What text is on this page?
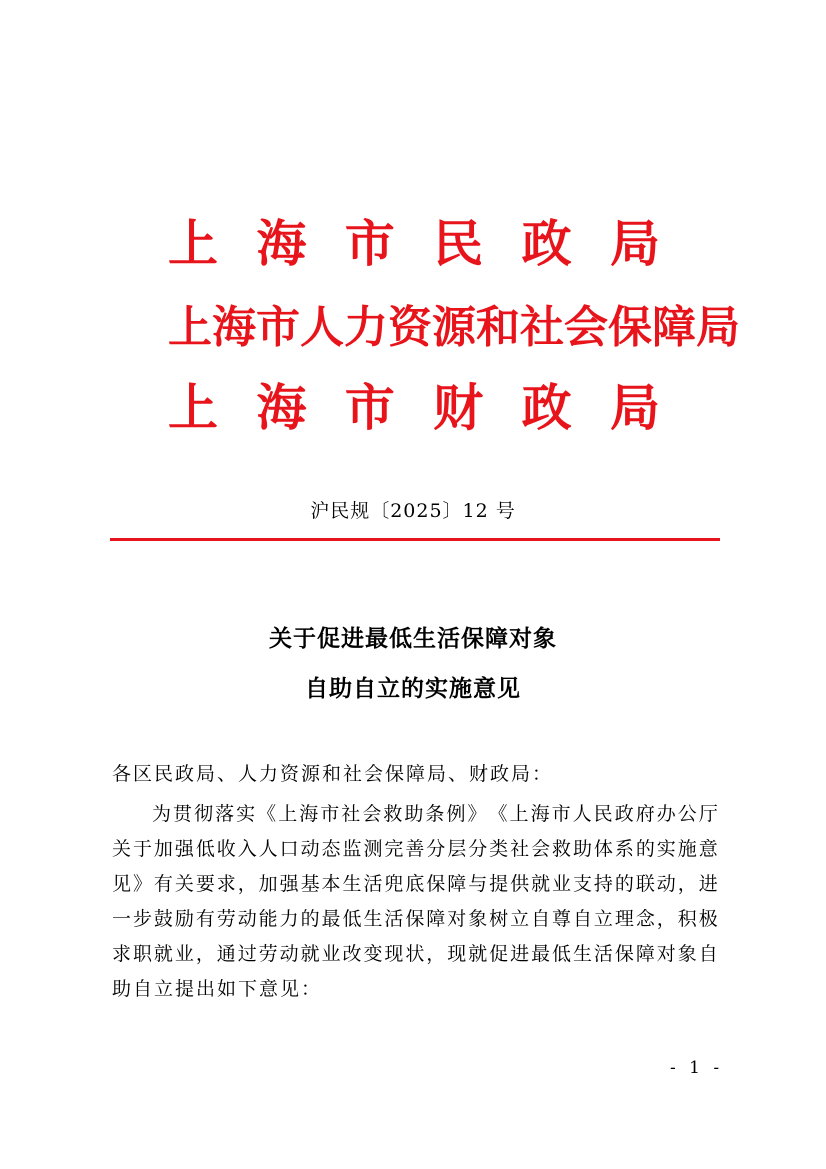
上 海 市 民 政 局
上 海 市 人 力 资 源 和 社 会 保 障 局
上 海 市 财 政 局
沪民规〔2025〕12 号
关于促进最低生活保障对象
自助自立的实施意见
各区民政局、人力资源和社会保障局、财政局：
为 贯 彻 落 实 《 上 海 市 社 会 救 助 条 例 》 《 上 海 市 人 民 政 府 办 公 厅
关 于 加 强 低 收 入 人 口 动 态 监 测 完 善 分 层 分 类 社 会 救 助 体 系 的 实 施 意
见 》 有 关 要 求 ， 加 强 基 本 生 活 兜 底 保 障 与 提 供 就 业 支 持 的 联 动 ， 进
一 步 鼓 励 有 劳 动 能 力 的 最 低 生 活 保 障 对 象 树 立 自 尊 自 立 理 念 ， 积 极
求 职 就 业 ， 通 过 劳 动 就 业 改 变 现 状 ， 现 就 促 进 最 低 生 活 保 障 对 象 自
助自立提出如下意见：
- 1 -
